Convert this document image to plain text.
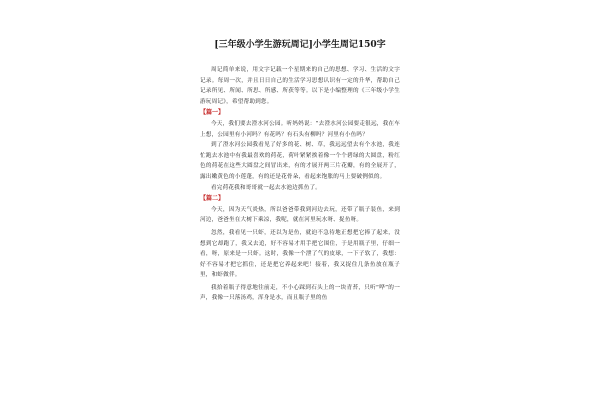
[三年级小学生游玩周记]小学生周记150字

周记简单来说，用文字记载一个星期来的自己的思想、学习、生活的文字记录。每周一次，并且日日自己的生活学习思想认识有一定的升华，帮助自己记录所见、所闻、所思、所感、所获等等。以下是小编整理的《三年级小学生游玩周记》，希望帮助到您。

【篇一】

今天，我们要去澄水河公园。听妈妈说：“去澄水河公园要走很远，我在车上想，公园里有小河吗？有花吗？有石头有柳吗？河里有小鱼吗？

到了澄水河公园我看见了好多的花、树、草，我远远望去有个水池，我连忙跑去水池中有我最喜欢的荷花，荷叶紧紧挨着像一个个碧绿的大圆盘，粉红色的荷花在这些大圆盘之间冒出来，有的才展开两三片花瓣，有的全展开了，露出嫩黄色的小莲蓬，有的还是花骨朵，看起来饱胀的马上要破例似的。

看完荷花我和哥哥就一起去水池边抓鱼了。

【篇二】

今天，因为天气炎热，所以爸爸带我到河边去玩，还带了瓶子装鱼，来到河边，爸爸坐在大树下乘凉，我呢，就在河里玩水呀、捉鱼呀。

忽然，我看见一只虾，还以为是鱼，就迫不急待地正想把它捧了起来，没想到它却跑了，我又去追，好不容易才用手把它围住，于是用瓶子里，仔细一看，呀，原来是一只虾。这时，我像一个泄了气的皮球，一下子软了，我想：好不容易才把它抓住，还是把它养起来吧！接着，我又捉住几条鱼放在瓶子里，和虾做伴。

我拾着瓶子得意地往前走，不小心踩到石头上的一块青苔，只听“哗”的一声，我像一只落汤鸡，浑身是水，而且瓶子里的鱼
